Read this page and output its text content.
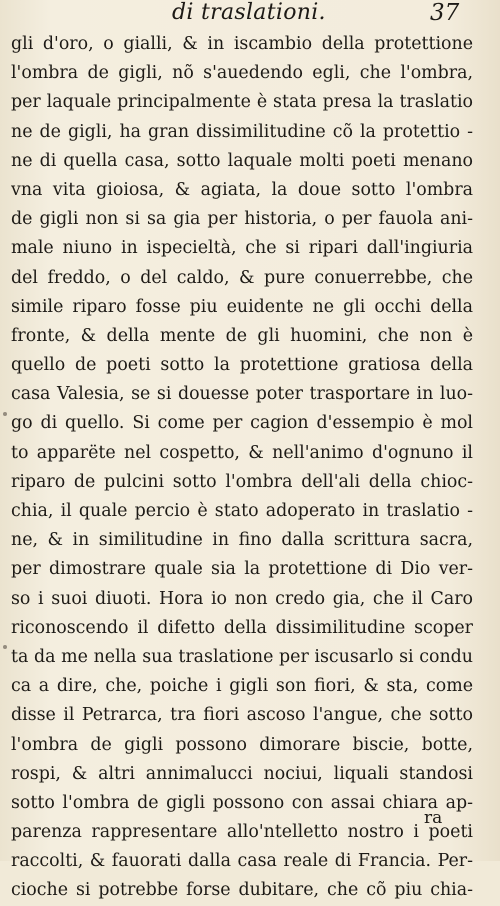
di traslationi.	37
gli d'oro, o gialli, & in iscambio della protettione
l'ombra de gigli, nõ s'auedendo egli, che l'ombra,
per laquale principalmente è stata presa la traslatio
ne de gigli, ha gran dissimilitudine cõ la protettio -
ne di quella casa, sotto laquale molti poeti menano
vna vita gioiosa, & agiata, la doue sotto l'ombra
de gigli non si sa gia per historia, o per fauola ani-
male niuno in ispecieltà, che si ripari dall'ingiuria
del freddo, o del caldo, & pure conuerrebbe, che
simile riparo fosse piu euidente ne gli occhi della
fronte, & della mente de gli huomini, che non è
quello de poeti sotto la protettione gratiosa della
casa Valesia, se si douesse poter trasportare in luo-
go di quello. Si come per cagion d'essempio è mol
to apparëte nel cospetto, & nell'animo d'ognuno il
riparo de pulcini sotto l'ombra dell'ali della chioc-
chia, il quale percio è stato adoperato in traslatio -
ne, & in similitudine in fino dalla scrittura sacra,
per dimostrare quale sia la protettione di Dio ver-
so i suoi diuoti. Hora io non credo gia, che il Caro
riconoscendo il difetto della dissimilitudine scoper
ta da me nella sua traslatione per iscusarlo si condu
ca a dire, che, poiche i gigli son fiori, & sta, come
disse il Petrarca, tra fiori ascoso l'angue, che sotto
l'ombra de gigli possono dimorare biscie, botte,
rospi, & altri annimalucci nociui, liquali standosi
sotto l'ombra de gigli possono con assai chiara ap-
parenza rappresentare allo'ntelletto nostro i poeti
raccolti, & fauorati dalla casa reale di Francia. Per-
cioche si potrebbe forse dubitare, che cõ piu chia-
ra
